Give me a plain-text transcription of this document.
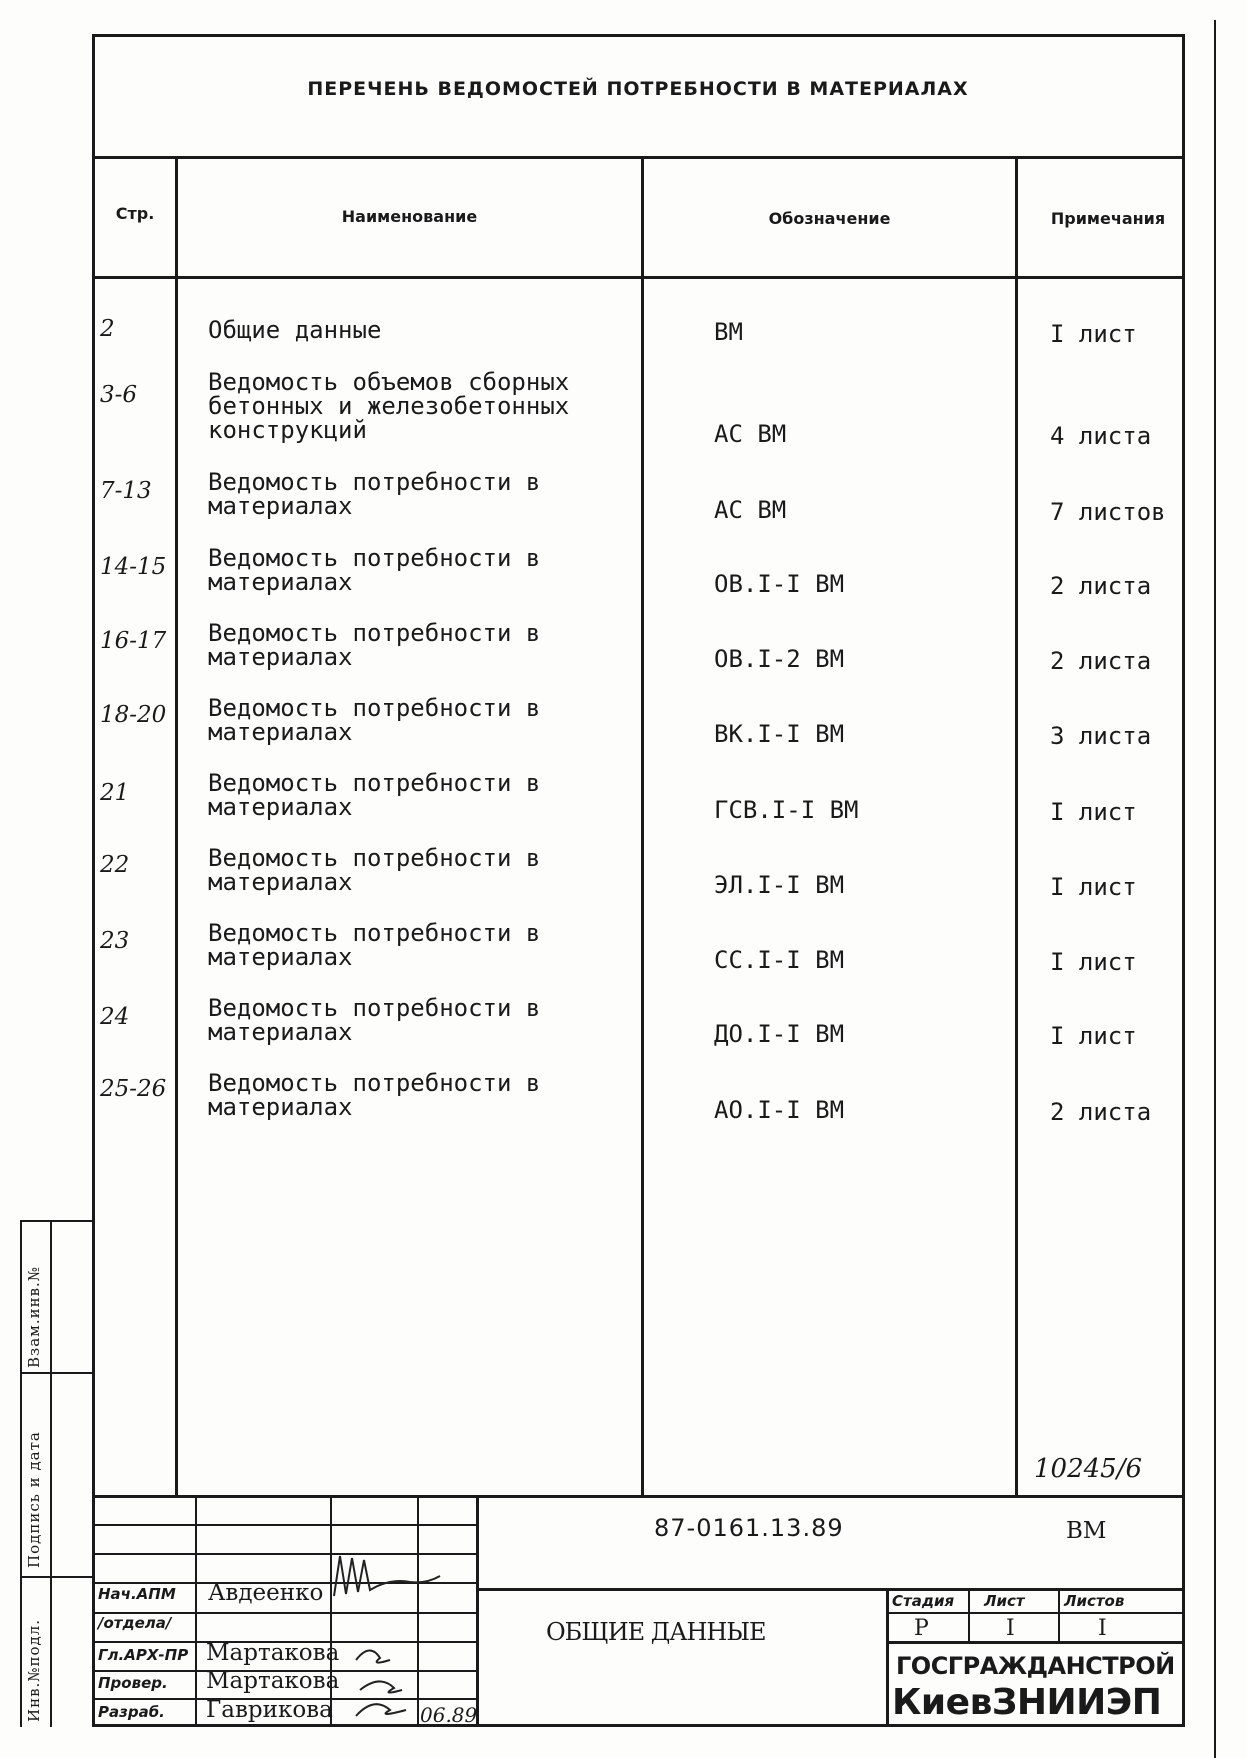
ПЕРЕЧЕНЬ ВЕДОМОСТЕЙ ПОТРЕБНОСТИ В МАТЕРИАЛАХ
Стр.	Наименование	Обозначение	Примечания
2	Общие данные	ВМ	I лист
3-6	Ведомость объемов сборных
бетонных и железобетонных
конструкций	АС ВМ	4 листа
7-13	Ведомость потребности в
материалах	АС ВМ	7 листов
14-15	Ведомость потребности в
материалах	ОВ.I-I ВМ	2 листа
16-17	Ведомость потребности в
материалах	ОВ.I-2 ВМ	2 листа
18-20	Ведомость потребности в
материалах	ВК.I-I ВМ	3 листа
21	Ведомость потребности в
материалах	ГСВ.I-I ВМ	I лист
22	Ведомость потребности в
материалах	ЭЛ.I-I ВМ	I лист
23	Ведомость потребности в
материалах	СС.I-I ВМ	I лист
24	Ведомость потребности в
материалах	ДО.I-I ВМ	I лист
25-26	Ведомость потребности в
материалах	АО.I-I ВМ	2 листа
10245/6
Взам.инв.№
Подпись и дата
Инв.№подл.
Нач.АПМ Авдеенко
/отдела/
Гл.АРХ-ПР Мартакова
Провер. Мартакова
Разраб. Гаврикова	06.89
87-0161.13.89	ВМ
ОБЩИЕ ДАННЫЕ
Стадия Лист	Листов
Р	I	I
ГОСГРАЖДАНСТРОЙ
КиевЗНИИЭП
